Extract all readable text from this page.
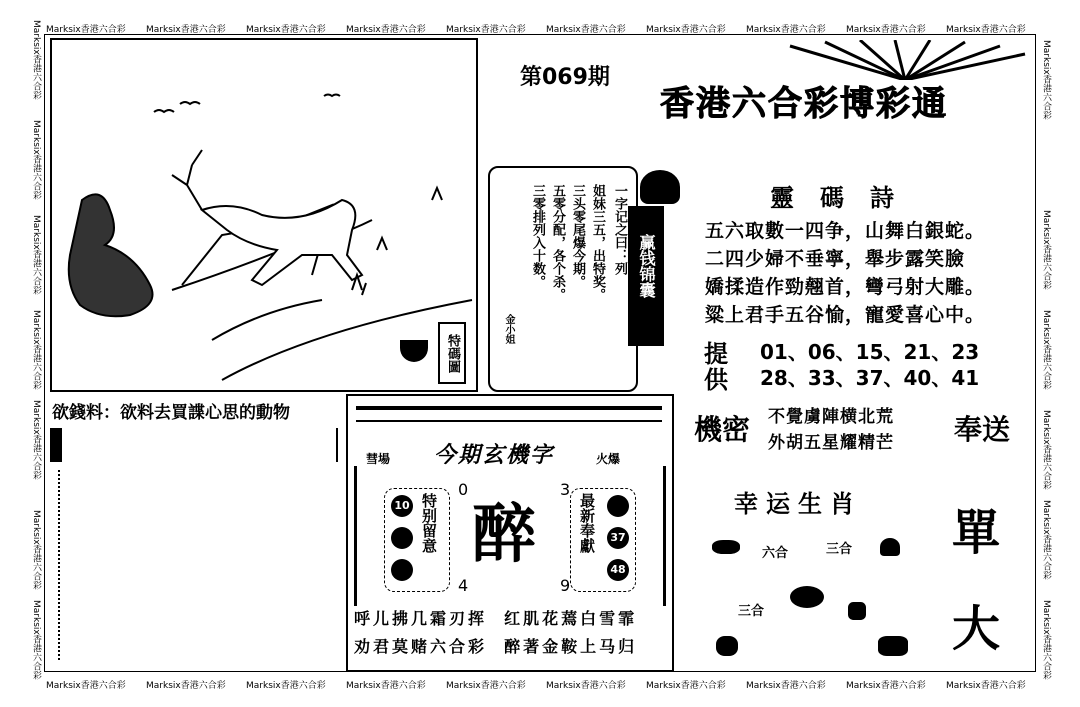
Marksix香港六合彩 Marksix香港六合彩 Marksix香港六合彩 Marksix香港六合彩 Marksix香港六合彩 Marksix香港六合彩 Marksix香港六合彩 Marksix香港六合彩 Marksix香港六合彩 Marksix香港六合彩
Marksix香港六合彩 Marksix香港六合彩 Marksix香港六合彩 Marksix香港六合彩 Marksix香港六合彩 Marksix香港六合彩 Marksix香港六合彩 Marksix香港六合彩 Marksix香港六合彩 Marksix香港六合彩
Marksix香港六合彩
Marksix香港六合彩
Marksix香港六合彩
Marksix香港六合彩
Marksix香港六合彩
Marksix香港六合彩
Marksix香港六合彩
Marksix香港六合彩
Marksix香港六合彩
Marksix香港六合彩
Marksix香港六合彩
Marksix香港六合彩
Marksix香港六合彩
特碼圖
第069期
香港六合彩博彩通
一字记之曰：列
姐妹三五，出特奖。
三头零尾爆今期。
五零分配，各个杀。
三零排列入十数。
金小姐
赢钱锦囊
靈碼詩
五六取數一四争，山舞白銀蛇。
二四少婦不垂寧，舉步露笑臉
嬌揉造作勁翹首，彎弓射大雕。
粱上君手五谷愉，寵愛喜心中。
提 01、06、15、21、23
供 28、33、37、40、41
機密 不覺虜陣横北荒
外胡五星耀精芒 奉送
幸运生肖
六合	三合
三合
單
大
欲錢料：欲料去買諜心思的動物
彗場 今期玄機字	火爆
10 特别留意	最新奉獻	37
48
0	3
4	9
醉
呼儿拂几霜刃挥  红肌花蔫白雪霏
劝君莫赌六合彩  醉著金鞍上马归
